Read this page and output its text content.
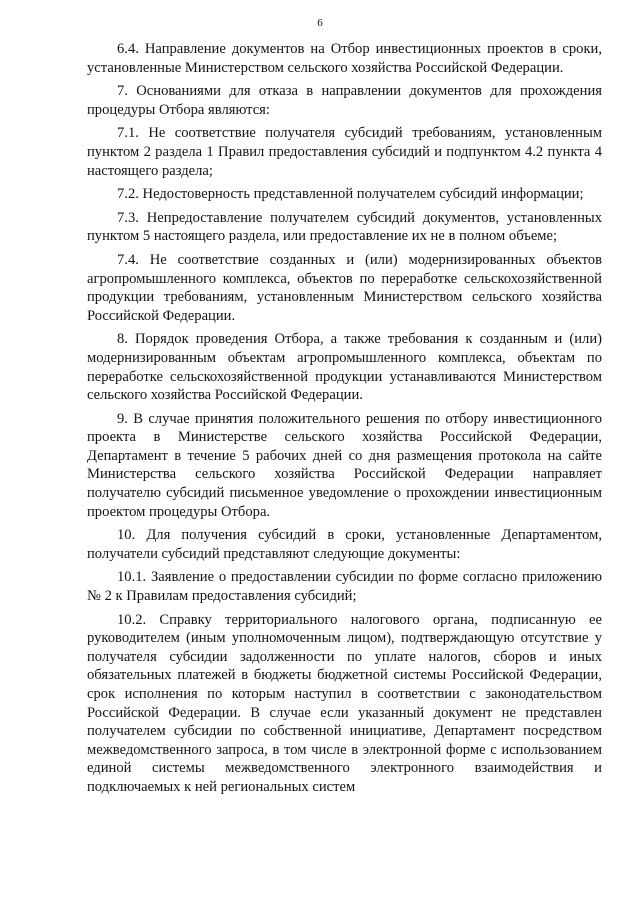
6

6.4. Направление документов на Отбор инвестиционных проектов в сроки, установленные Министерством сельского хозяйства Российской Федерации.

7. Основаниями для отказа в направлении документов для прохождения процедуры Отбора являются:

7.1. Не соответствие получателя субсидий требованиям, установленным пунктом 2 раздела 1 Правил предоставления субсидий и подпунктом 4.2 пункта 4 настоящего раздела;

7.2. Недостоверность представленной получателем субсидий информации;

7.3. Непредоставление получателем субсидий документов, установленных пунктом 5 настоящего раздела, или предоставление их не в полном объеме;

7.4. Не соответствие созданных и (или) модернизированных объектов агропромышленного комплекса, объектов по переработке сельскохозяйственной продукции требованиям, установленным Министерством сельского хозяйства Российской Федерации.

8. Порядок проведения Отбора, а также требования к созданным и (или) модернизированным объектам агропромышленного комплекса, объектам по переработке сельскохозяйственной продукции устанавливаются Министерством сельского хозяйства Российской Федерации.

9. В случае принятия положительного решения по отбору инвестиционного проекта в Министерстве сельского хозяйства Российской Федерации, Департамент в течение 5 рабочих дней со дня размещения протокола на сайте Министерства сельского хозяйства Российской Федерации направляет получателю субсидий письменное уведомление о прохождении инвестиционным проектом процедуры Отбора.

10. Для получения субсидий в сроки, установленные Департаментом, получатели субсидий представляют следующие документы:

10.1. Заявление о предоставлении субсидии по форме согласно приложению № 2 к Правилам предоставления субсидий;

10.2. Справку территориального налогового органа, подписанную ее руководителем (иным уполномоченным лицом), подтверждающую отсутствие у получателя субсидии задолженности по уплате налогов, сборов и иных обязательных платежей в бюджеты бюджетной системы Российской Федерации, срок исполнения по которым наступил в соответствии с законодательством Российской Федерации. В случае если указанный документ не представлен получателем субсидии по собственной инициативе, Департамент посредством межведомственного запроса, в том числе в электронной форме с использованием единой системы межведомственного электронного взаимодействия и подключаемых к ней региональных систем
